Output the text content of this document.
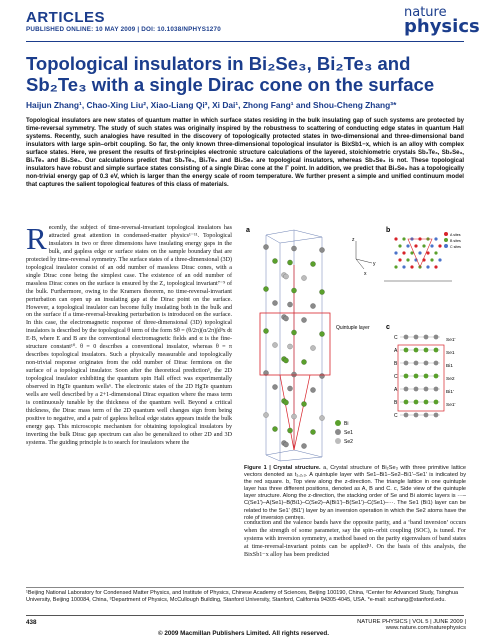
ARTICLES
PUBLISHED ONLINE: 10 MAY 2009 | DOI: 10.1038/NPHYS1270
nature
physics
Topological insulators in Bi₂Se₃, Bi₂Te₃ and Sb₂Te₃ with a single Dirac cone on the surface
Haijun Zhang¹, Chao-Xing Liu², Xiao-Liang Qi³, Xi Dai¹, Zhong Fang¹ and Shou-Cheng Zhang³*
Topological insulators are new states of quantum matter in which surface states residing in the bulk insulating gap of such systems are protected by time-reversal symmetry. The study of such states was originally inspired by the robustness to scattering of conducting edge states in quantum Hall systems. Recently, such analogies have resulted in the discovery of topologically protected states in two-dimensional and three-dimensional band insulators with large spin–orbit coupling. So far, the only known three-dimensional topological insulator is BixSb1−x, which is an alloy with complex surface states. Here, we present the results of first-principles electronic structure calculations of the layered, stoichiometric crystals Sb₂Te₃, Sb₂Se₃, Bi₂Te₃ and Bi₂Se₃. Our calculations predict that Sb₂Te₃, Bi₂Te₃ and Bi₂Se₃ are topological insulators, whereas Sb₂Se₃ is not. These topological insulators have robust and simple surface states consisting of a single Dirac cone at the Γ point. In addition, we predict that Bi₂Se₃ has a topologically non-trivial energy gap of 0.3 eV, which is larger than the energy scale of room temperature. We further present a simple and unified continuum model that captures the salient topological features of this class of materials.
Recently, the subject of time-reversal-invariant topological insulators has attracted great attention in condensed-matter physics¹⁻¹¹. Topological insulators in two or three dimensions have insulating energy gaps in the bulk, and gapless edge or surface states on the sample boundary that are protected by time-reversal symmetry. The surface states of a three-dimensional (3D) topological insulator consist of an odd number of massless Dirac cones, with a single Dirac cone being the simplest case. The existence of an odd number of massless Dirac cones on the surface is ensured by the Z₂ topological invariant⁷⁻⁹ of the bulk. Furthermore, owing to the Kramers theorem, no time-reversal-invariant perturbation can open up an insulating gap at the Dirac point on the surface. However, a topological insulator can become fully insulating both in the bulk and on the surface if a time-reversal-breaking perturbation is introduced on the surface. In this case, the electromagnetic response of three-dimensional (3D) topological insulators is described by the topological θ term of the form Sθ = (θ/2π)(α/2π)∫d³x dt E·B, where E and B are the conventional electromagnetic fields and α is the fine-structure constant¹⁰. θ = 0 describes a conventional insulator, whereas θ = π describes topological insulators. Such a physically measurable and topologically non-trivial response originates from the odd number of Dirac fermions on the surface of a topological insulator. Soon after the theoretical prediction⁵, the 2D topological insulator exhibiting the quantum spin Hall effect was experimentally observed in HgTe quantum wells⁶. The electronic states of the 2D HgTe quantum wells are well described by a 2+1-dimensional Dirac equation where the mass term is continuously tunable by the thickness of the quantum well. Beyond a critical thickness, the Dirac mass term of the 2D quantum well changes sign from being positive to negative, and a pair of gapless helical edge states appears inside the bulk energy gap. This microscopic mechanism for obtaining topological insulators by inverting the bulk Dirac gap spectrum can also be generalized to other 2D and 3D systems. The guiding principle is to search for insulators where the
a
Quintuple layer
z
y
x
Bi
Se1
Se2
b
A sites
B sites
C sites
c
C
A
B
C
A
B
C
Se1'
Se1
Bi1
Se2
Bi1'
Se1'
Figure 1 | Crystal structure. a, Crystal structure of Bi₂Se₃ with three primitive lattice vectors denoted as t₁,₂,₃. A quintuple layer with Se1–Bi1–Se2–Bi1'–Se1' is indicated by the red square. b, Top view along the z-direction. The triangle lattice in one quintuple layer has three different positions, denoted as A, B and C. c, Side view of the quintuple layer structure. Along the z-direction, the stacking order of Se and Bi atomic layers is ···–C(Se1')–A(Se1)–B(Bi1)–C(Se2)–A(Bi1')–B(Se1')–C(Se1)–···. The Se1 (Bi1) layer can be related to the Se1' (Bi1') layer by an inversion operation in which the Se2 atoms have the role of inversion centres.
conduction and the valence bands have the opposite parity, and a ‘band inversion’ occurs when the strength of some parameter, say the spin–orbit coupling (SOC), is tuned. For systems with inversion symmetry, a method based on the parity eigenvalues of band states at time-reversal-invariant points can be applied¹¹. On the basis of this analysis, the BixSb1−x alloy has been predicted
¹Beijing National Laboratory for Condensed Matter Physics, and Institute of Physics, Chinese Academy of Sciences, Beijing 100190, China, ²Center for Advanced Study, Tsinghua University, Beijing 100084, China, ³Department of Physics, McCullough Building, Stanford University, Stanford, California 94305-4045, USA. *e-mail: sczhang@stanford.edu.
438	NATURE PHYSICS | VOL 5 | JUNE 2009 | www.nature.com/naturephysics
© 2009 Macmillan Publishers Limited. All rights reserved.
